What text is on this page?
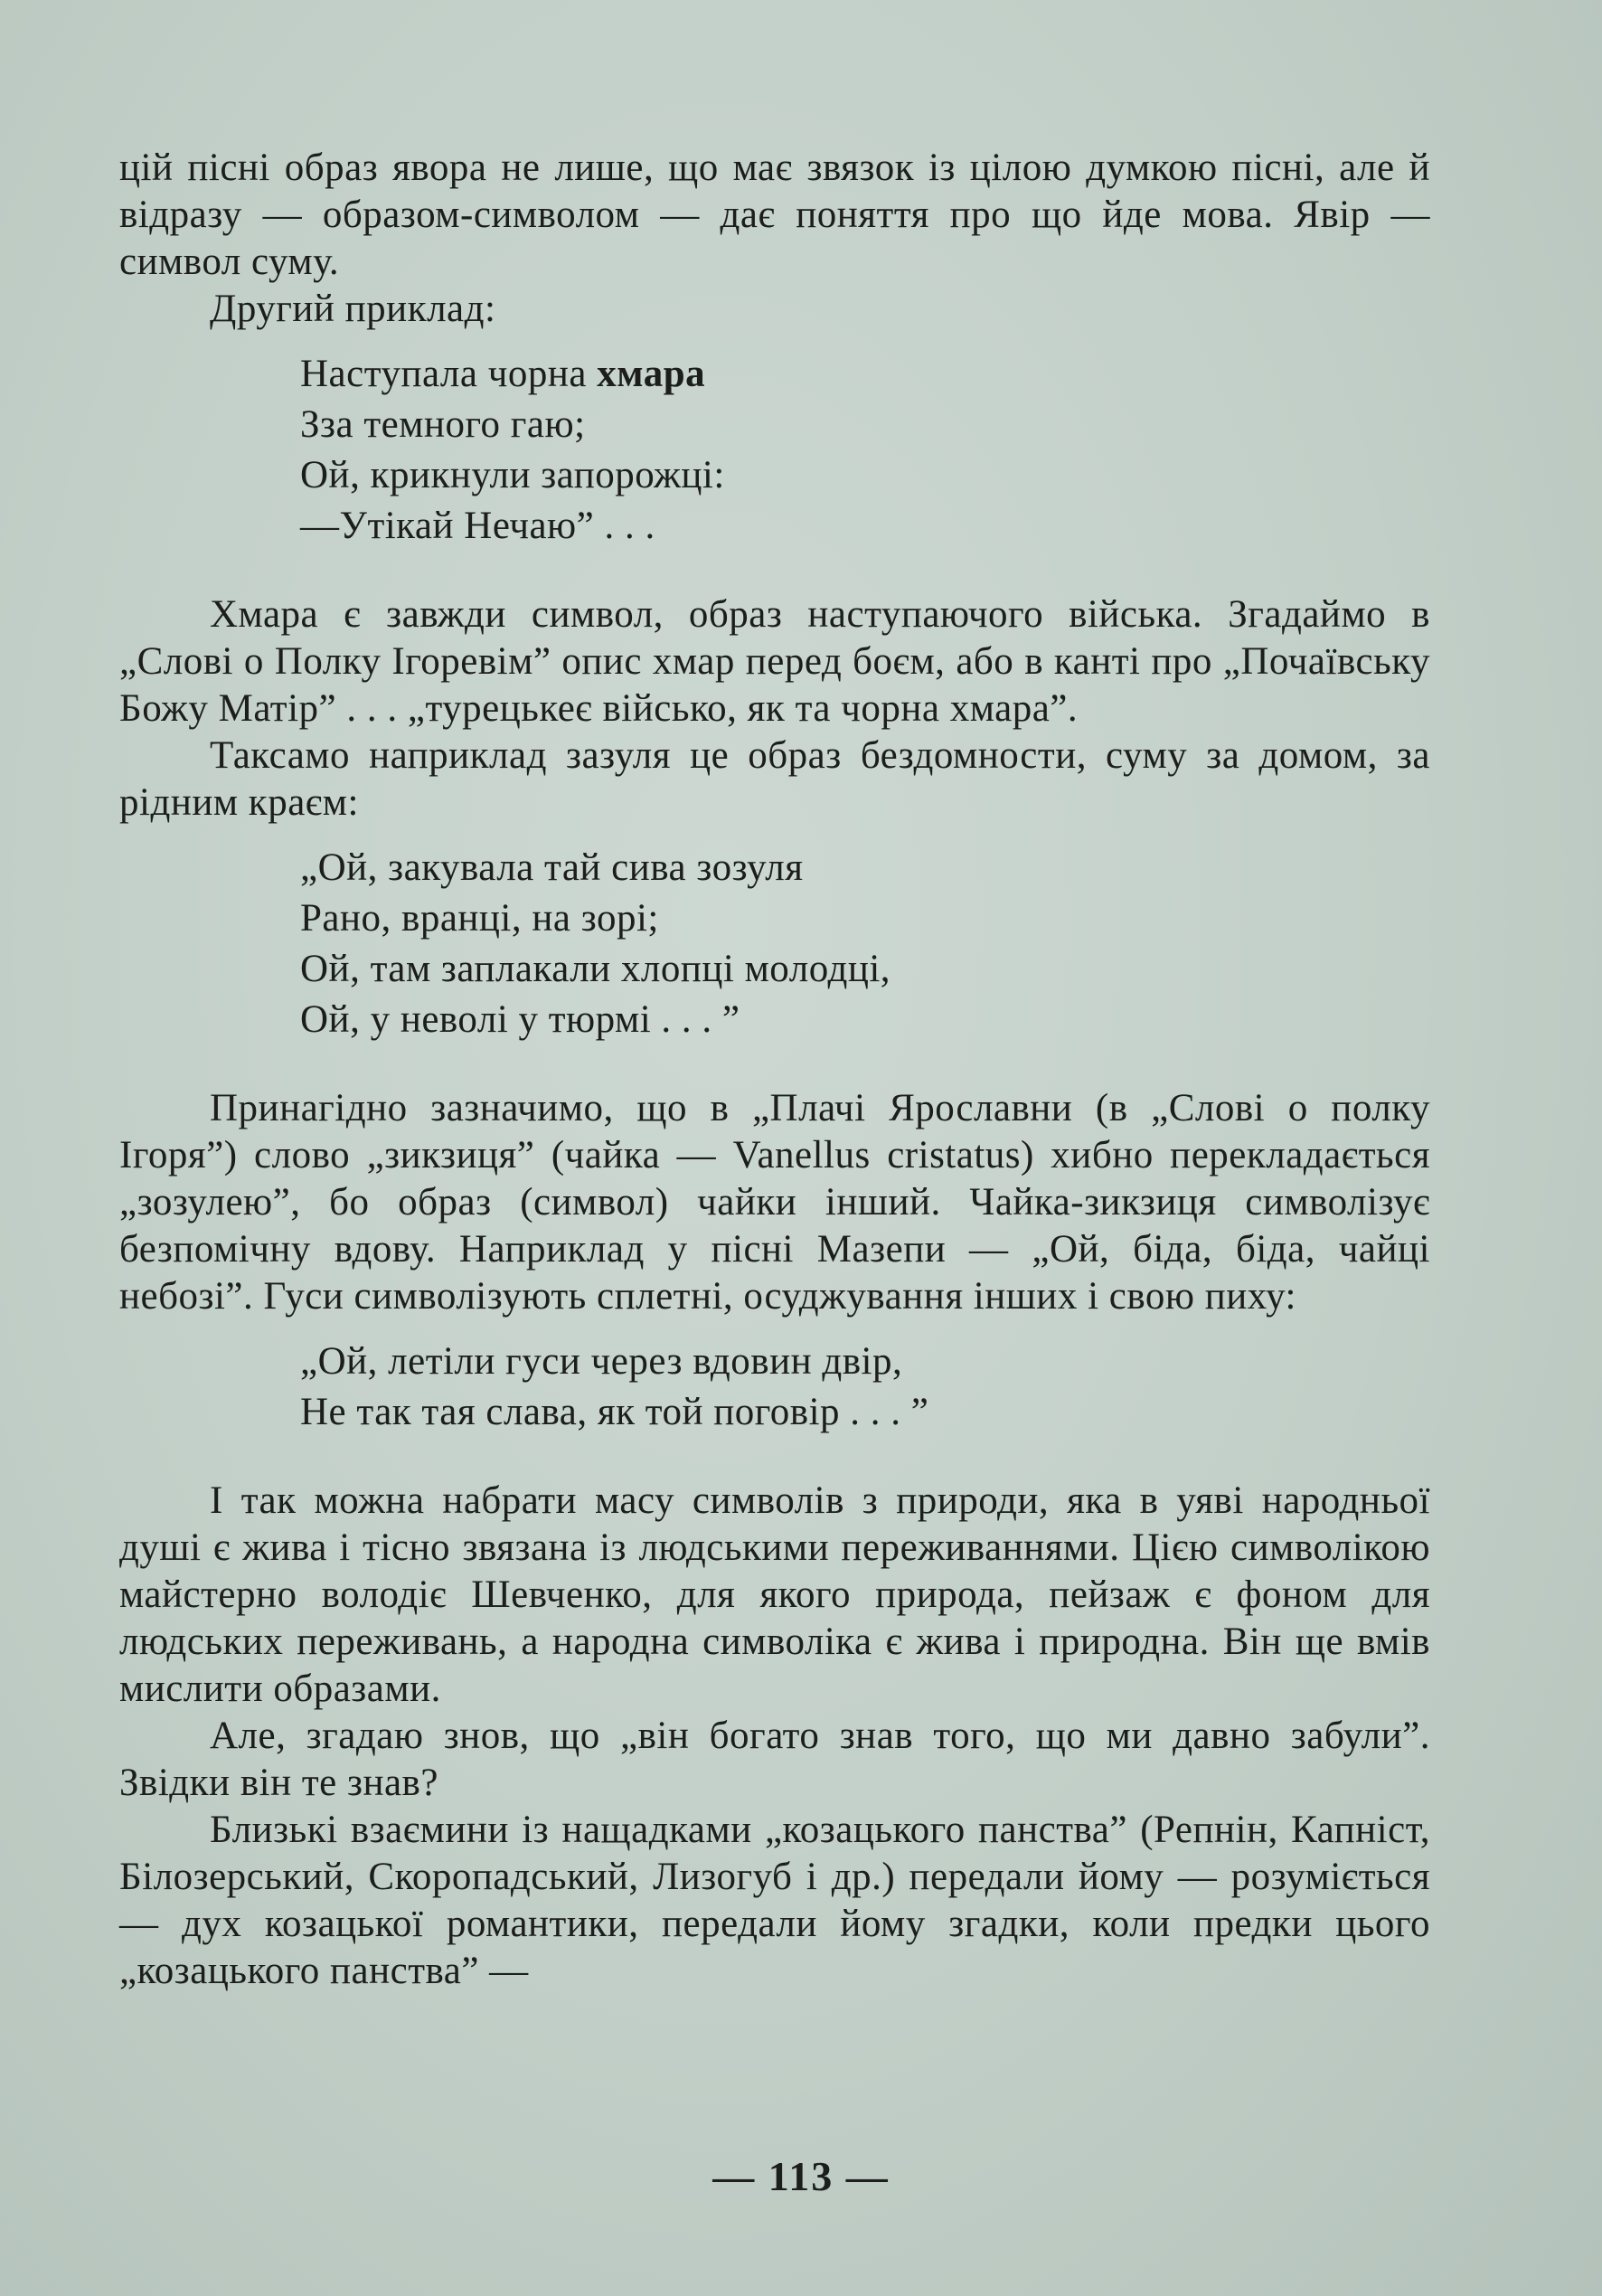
цій пісні образ явора не лише, що має звязок із цілою думкою пісні, але й відразу — образом-символом — дає поняття про що йде мова. Явір — символ суму.

Другий приклад:

Наступала чорна хмара
Зза темного гаю;
Ой, крикнули запорожці:
—Утікай Нечаю” . . .

Хмара є завжди символ, образ наступаючого війська. Згадаймо в „Слові о Полку Ігоревім” опис хмар перед боєм, або в канті про „Почаївську Божу Матір” . . . „турецькеє військо, як та чорна хмара”.

Таксамо наприклад зазуля це образ бездомности, суму за домом, за рідним краєм:

„Ой, закувала тай сива зозуля
Рано, вранці, на зорі;
Ой, там заплакали хлопці молодці,
Ой, у неволі у тюрмі . . . ”

Принагідно зазначимо, що в „Плачі Ярославни (в „Слові о полку Ігоря”) слово „зикзиця” (чайка — Vanellus cristatus) хибно перекладається „зозулею”, бо образ (символ) чайки інший. Чайка-зикзиця символізує безпомічну вдову. Наприклад у пісні Мазепи — „Ой, біда, біда, чайці небозі”. Гуси символізують сплетні, осуджування інших і свою пиху:

„Ой, летіли гуси через вдовин двір,
Не так тая слава, як той поговір . . . ”

І так можна набрати масу символів з природи, яка в уяві народньої душі є жива і тісно звязана із людськими переживаннями. Цією символікою майстерно володіє Шевченко, для якого природа, пейзаж є фоном для людських переживань, а народна символіка є жива і природна. Він ще вмів мислити образами.

Але, згадаю знов, що „він богато знав того, що ми давно забули”. Звідки він те знав?

Близькі взаємини із нащадками „козацького панства” (Репнін, Капніст, Білозерський, Скоропадський, Лизогуб і др.) передали йому — розуміється — дух козацької романтики, передали йому згадки, коли предки цього „козацького панства” —

— 113 —
